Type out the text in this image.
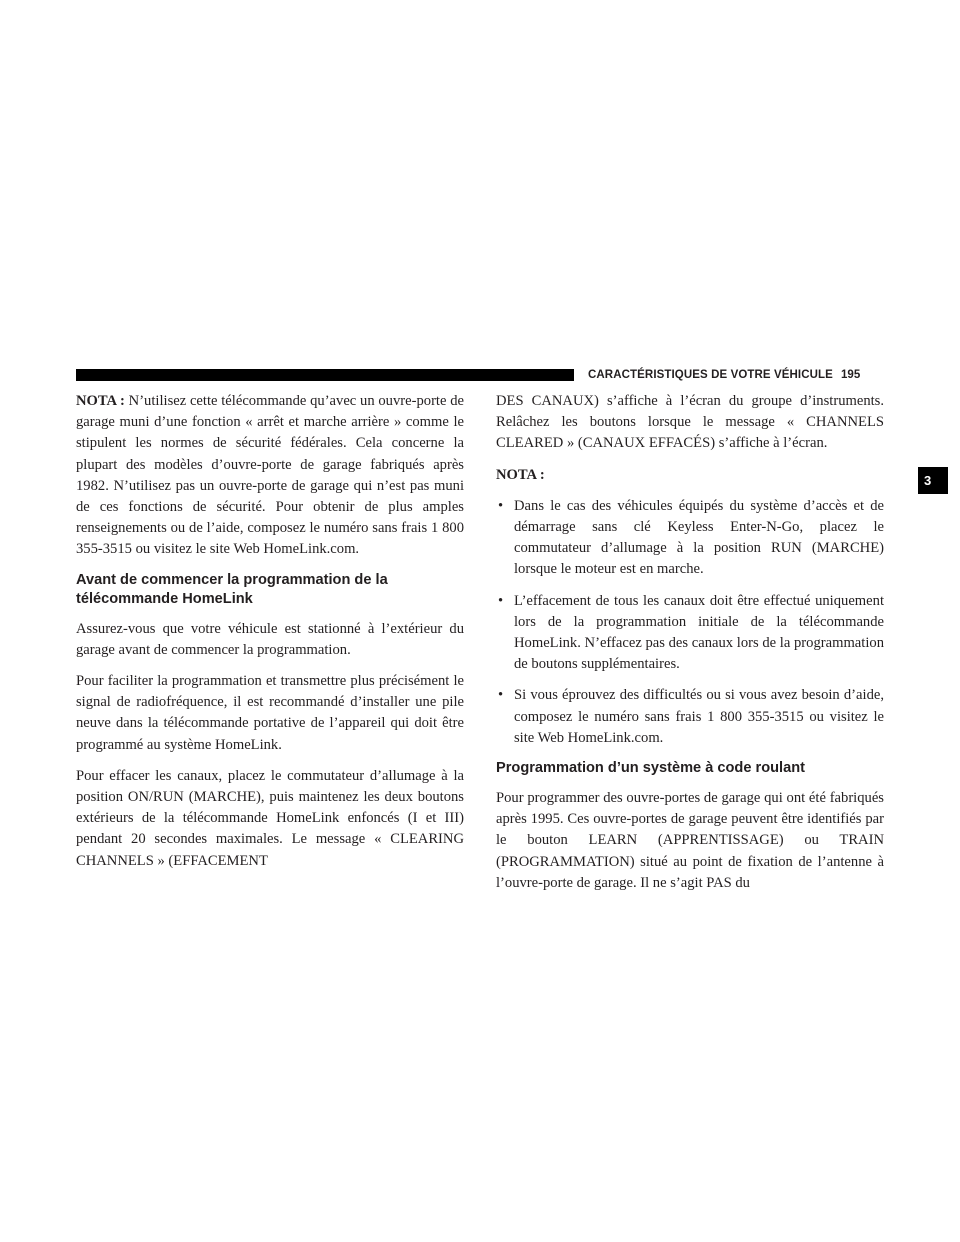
CARACTÉRISTIQUES DE VOTRE VÉHICULE 195
3

NOTA : N’utilisez cette télécommande qu’avec un ouvre-porte de garage muni d’une fonction « arrêt et marche arrière » comme le stipulent les normes de sécurité fédérales. Cela concerne la plupart des modèles d’ouvre-porte de garage fabriqués après 1982. N’utilisez pas un ouvre-porte de garage qui n’est pas muni de ces fonctions de sécurité. Pour obtenir de plus amples renseignements ou de l’aide, composez le numéro sans frais 1 800 355-3515 ou visitez le site Web HomeLink.com.

Avant de commencer la programmation de la télécommande HomeLink

Assurez-vous que votre véhicule est stationné à l’extérieur du garage avant de commencer la programmation.

Pour faciliter la programmation et transmettre plus précisément le signal de radiofréquence, il est recommandé d’installer une pile neuve dans la télécommande portative de l’appareil qui doit être programmé au système HomeLink.

Pour effacer les canaux, placez le commutateur d’allumage à la position ON/RUN (MARCHE), puis maintenez les deux boutons extérieurs de la télécommande HomeLink enfoncés (I et III) pendant 20 secondes maximales. Le message « CLEARING CHANNELS » (EFFACEMENT

DES CANAUX) s’affiche à l’écran du groupe d’instruments. Relâchez les boutons lorsque le message « CHANNELS CLEARED » (CANAUX EFFACÉS) s’affiche à l’écran.

NOTA :

• Dans le cas des véhicules équipés du système d’accès et de démarrage sans clé Keyless Enter-N-Go, placez le commutateur d’allumage à la position RUN (MARCHE) lorsque le moteur est en marche.
• L’effacement de tous les canaux doit être effectué uniquement lors de la programmation initiale de la télécommande HomeLink. N’effacez pas des canaux lors de la programmation de boutons supplémentaires.
• Si vous éprouvez des difficultés ou si vous avez besoin d’aide, composez le numéro sans frais 1 800 355-3515 ou visitez le site Web HomeLink.com.
Programmation d’un système à code roulant

Pour programmer des ouvre-portes de garage qui ont été fabriqués après 1995. Ces ouvre-portes de garage peuvent être identifiés par le bouton LEARN (APPRENTISSAGE) ou TRAIN (PROGRAMMATION) situé au point de fixation de l’antenne à l’ouvre-porte de garage. Il ne s’agit PAS du
